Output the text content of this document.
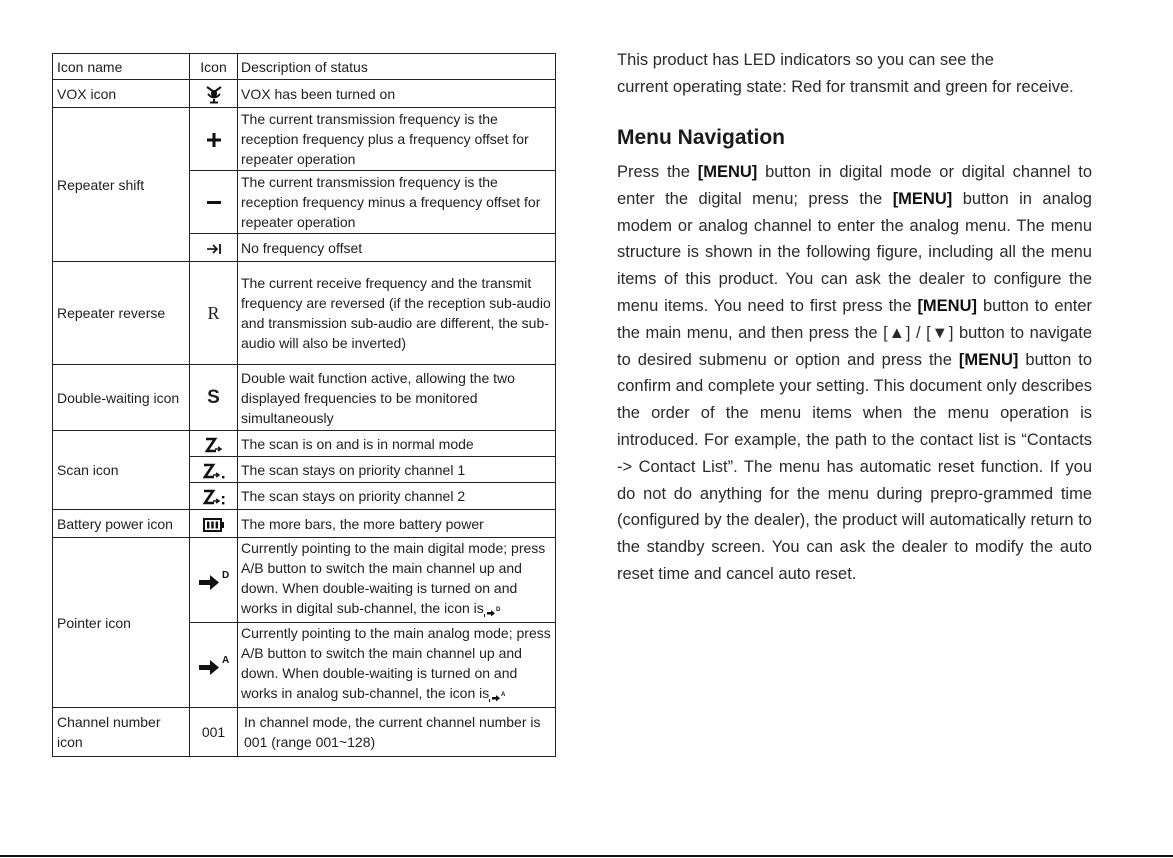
Icon name	Icon	Description of status
VOX icon		VOX has been turned on
Repeater shift		The current transmission frequency is the reception frequency plus a frequency offset for repeater operation

	The current transmission frequency is the reception frequency minus a frequency offset for repeater operation

	No frequency offset
Repeater reverse	R	The current receive frequency and the transmit frequency are reversed (if the reception sub-audio and transmission sub-audio are different, the sub-audio will also be inverted)
Double-waiting icon	S	Double wait function active, allowing the two displayed frequencies to be monitored simultaneously
Scan icon		The scan is on and is in normal mode

	The scan stays on priority channel 1

	The scan stays on priority channel 2
Battery power icon		The more bars, the more battery power
Pointer icon	D	Currently pointing to the main digital mode; press A/B button to switch the main channel up and down. When double-waiting is turned on and works in digital sub-channel, the icon is D

A	Currently pointing to the main analog mode; press A/B button to switch the main channel up and down. When double-waiting is turned on and works in analog sub-channel, the icon is A

Channel number icon	001	In channel mode, the current channel number is 001 (range 001~128)

This product has LED indicators so you can see the
current operating state: Red for transmit and green for receive.

Menu Navigation

Press the [MENU] button in digital mode or digital channel to enter the digital menu; press the [MENU] button in analog modem or analog channel to enter the analog menu. The menu structure is shown in the following figure, including all the menu items of this product. You can ask the dealer to configure the menu items. You need to first press the [MENU] button to enter the main menu, and then press the [▲] / [▼] button to navigate to desired submenu or option and press the [MENU] button to confirm and complete your setting. This document only describes the order of the menu items when the menu operation is introduced. For example, the path to the contact list is “Contacts -> Contact List”. The menu has automatic reset function. If you do not do anything for the menu during prepro-grammed time (configured by the dealer), the product will automatically return to the standby screen. You can ask the dealer to modify the auto reset time and cancel auto reset.
